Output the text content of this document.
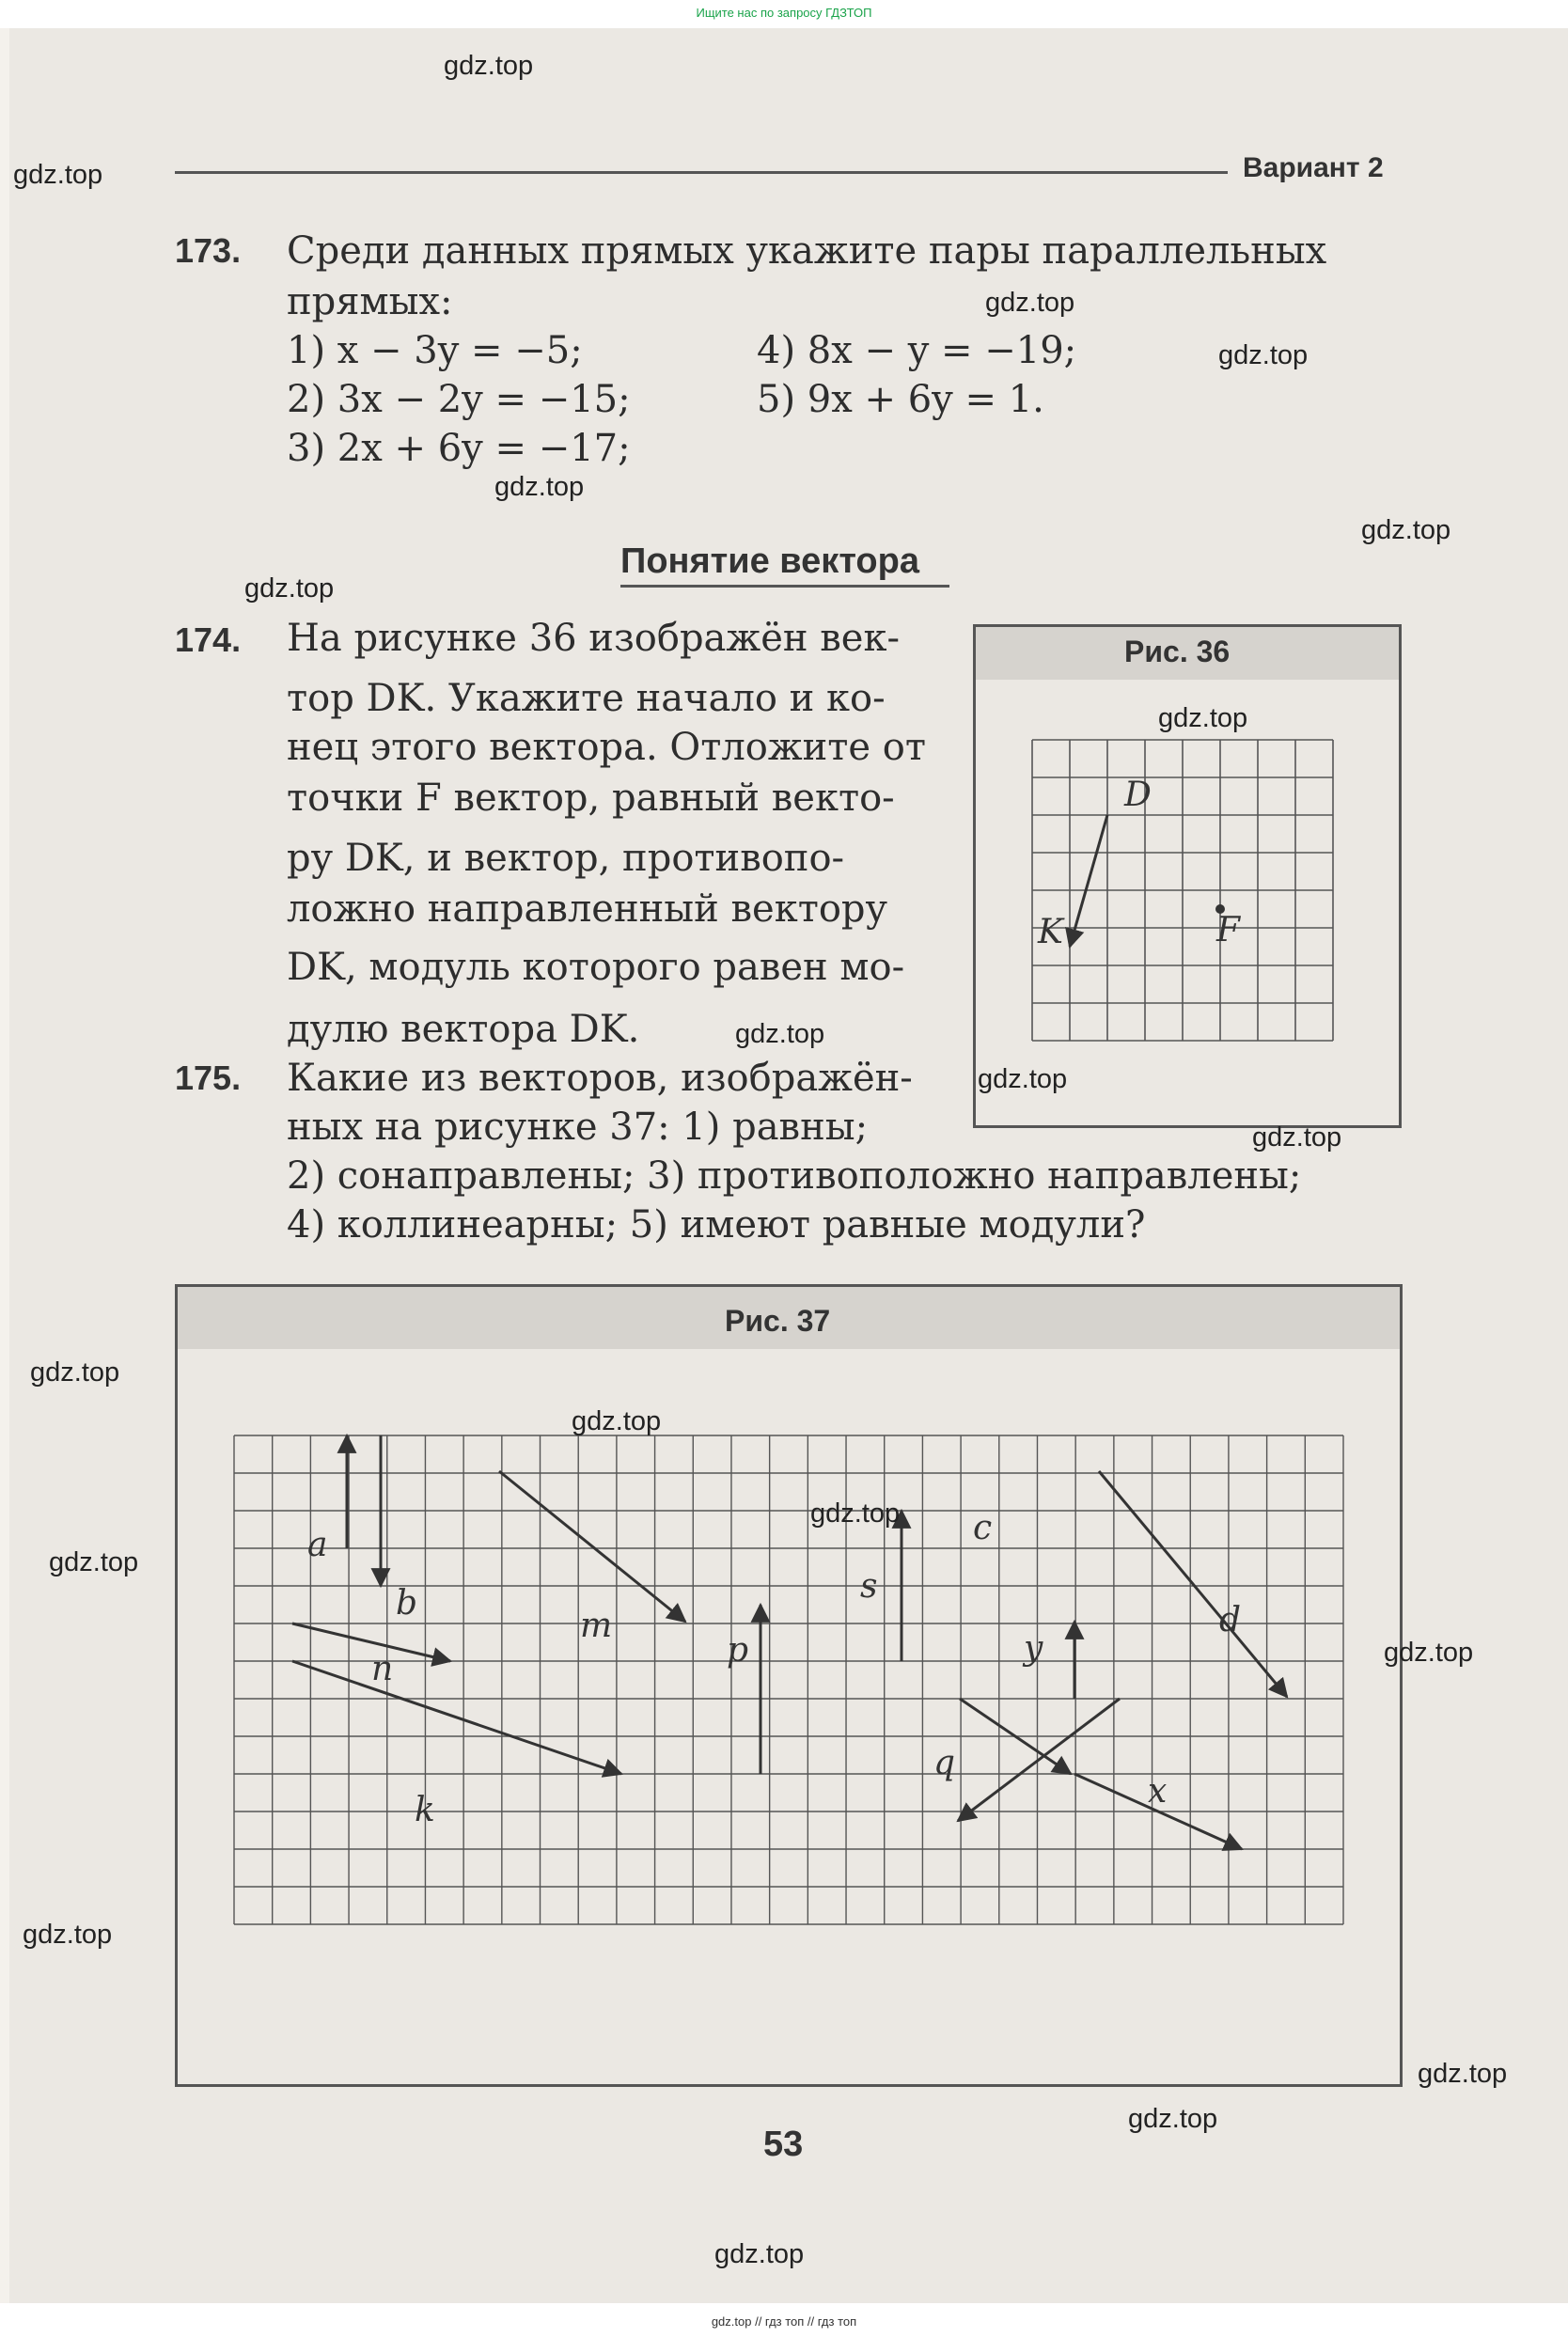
Ищите нас по запросу ГДЗТОП
Вариант 2
173. Среди данных прямых укажите пары параллельных
прямых:
1) x − 3y = −5;
2) 3x − 2y = −15;
3) 2x + 6y = −17;
4) 8x − y = −19;
5) 9x + 6y = 1.
Понятие вектора
174. На рисунке 36 изображён век-
тор DK. Укажите начало и ко-
нец этого вектора. Отложите от
точки F вектор, равный векто-
ру DK, и вектор, противопо-
ложно направленный вектору
DK, модуль которого равен мо-
дулю вектора DK.
175. Какие из векторов, изображён-
ных на рисунке 37: 1) равны;
2) сонаправлены; 3) противоположно направлены;
4) коллинеарны; 5) имеют равные модули?
Рис. 36
D
K	F
Рис. 37
a
b
m
n
k
p
s
c
y
d
q
x
53
gdz.top
gdz.top
gdz.top
gdz.top
gdz.top
gdz.top
gdz.top
gdz.top
gdz.top
gdz.top
gdz.top
gdz.top
gdz.top
gdz.top
gdz.top
gdz.top
gdz.top
gdz.top
gdz.top
gdz.top
gdz.top // гдз топ // гдз топ
